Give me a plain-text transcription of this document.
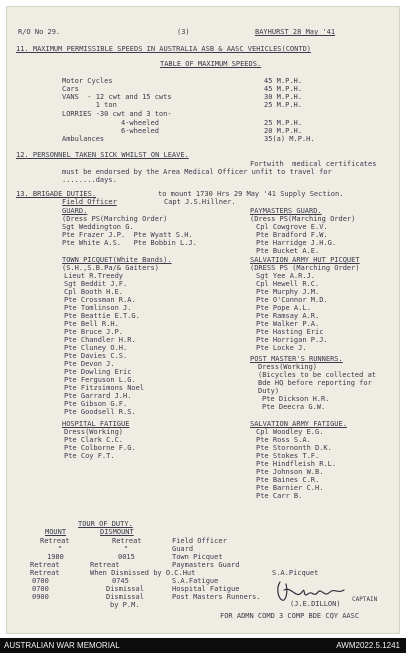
R/O No 29.	(3)	BAYHURST 28 May '41
11. MAXIMUM PERMISSIBLE SPEEDS IN AUSTRALIA ASB & AASC VEHICLES(CONTD)
TABLE OF MAXIMUM SPEEDS.
Motor Cycles	45 M.P.H.
Cars	45 M.P.H.
VANS  - 12 cwt and 15 cwts	30 M.P.H.
1 ton	25 M.P.H.
LORRIES -30 cwt and 3 ton-
4-wheeled	25 M.P.H.
6-wheeled	20 M.P.H.
Ambulances	35(a) M.P.H.
12. PERSONNEL TAKEN SICK WHILST ON LEAVE.
Fortwith  medical certificates
must be endorsed by the Area Medical Officer unfit to travel for
........days.
13. BRIGADE DUTIES.	to mount 1730 Hrs 29 May '41 Supply Section.
Field Officer	Capt J.S.Hillner.
GUARD.
(Dress PS(Marching Order)
Sgt Weddington G.
Pte Frazer J.P.  Pte Wyatt S.H.
Pte White A.S.   Pte Bobbin L.J.
PAYMASTERS GUARD.
(Dress PS(Marching Order)
Cpl Cowgrove E.V.
Pte Bradford F.W.
Pte Harridge J.H.G.
Pte Bucket A.E.
TOWN PICQUET(White Bands).
(S.H.,S.B.Pa/& Gaiters)
Lieut R.Treedy
Sgt Beddit J.F.
Cpl Booth H.E.
Pte Crossman R.A.
Pte Tomlinson J.
Pte Beattie E.T.G.
Pte Bell R.H.
Pte Bruce J.P.
Pte Chandler H.R.
Pte Cluney O.H.
Pte Davies C.S.
Pte Devon J.
Pte Dowling Eric
Pte Ferguson L.G.
Pte Fitzsimons Noel
Pte Garrard J.H.
Pte Gibson G.F.
Pte Goodsell R.S.
SALVATION ARMY HUT PICQUET
(DRESS PS (Marching Order)
Sgt Yee A.R.J.
Cpl Hewell R.C.
Pte Murphy J.M.
Pte O'Connor M.D.
Pte Pope A.L.
Pte Ramsay A.R.
Pte Walker P.A.
Pte Hasting Eric
Pte Horrigan P.J.
Pte Locke J.
POST MASTER'S RUNNERS.
Dress(Working)
(Bicycles to be collected at
Bde HQ before reporting for
Duty)
Pte Dickson H.R.
Pte Deecra G.W.
HOSPITAL FATIGUE
Dress(Working)
Pte Clark C.C.
Pte Colborne F.G.
Pte Coy F.T.
SALVATION ARMY FATIGUE.
Cpl Woodley E.G.
Pte Ross S.A.
Pte Stornonth D.K.
Pte Stokes T.F.
Pte Hindfleish R.L.
Pte Johnson W.B.
Pte Baines C.R.
Pte Barnier C.H.
Pte Carr B.
TOUR OF DUTY.
MOUNT	DISMOUNT
Retreat	Retreat	Field Officer
"	"	Guard
1980	0015	Town Picquet
Retreat	Retreat	Paymasters Guard
Retreat	When Dismissed by O.C.Hut	S.A.Picquet
0700	0745	S.A.Fatigue
0700	Dismissal	Hospital Fatigue
0900	Dismissal	Post Masters Runners.
by P.M.	(J.E.DILLON)
CAPTAIN
FOR ADMN COMD 3 COMP BDE CQY AASC
AUSTRALIAN WAR MEMORIAL	AWM2022.5.1241
